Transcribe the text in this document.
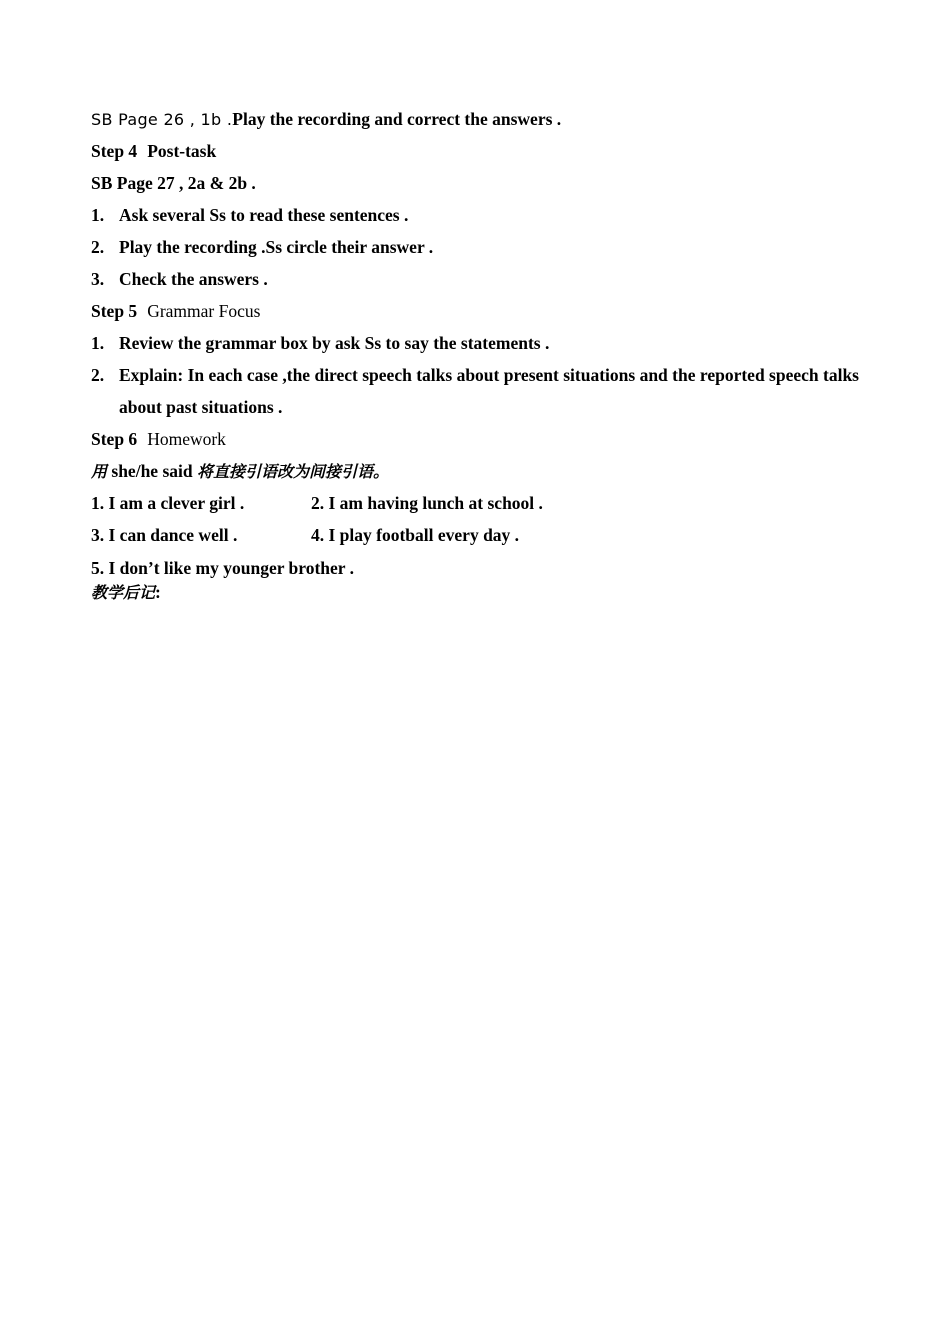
SB Page 26 , 1b .Play the recording and correct the answers .
Step 4 Post-task
SB Page 27 , 2a & 2b .
1. Ask several Ss to read these sentences .
2. Play the recording .Ss circle their answer .
3. Check the answers .
Step 5 Grammar Focus
1. Review the grammar box by ask Ss to say the statements .
2. Explain: In each case ,the direct speech talks about present situations and the reported speech talks about past situations .
Step 6 Homework
用 she/he said 将直接引语改为间接引语。
1. I am a clever girl .	2. I am having lunch at school .
3. I can dance well .	4. I play football every day .
5. I don’t like my younger brother .
教学后记:
